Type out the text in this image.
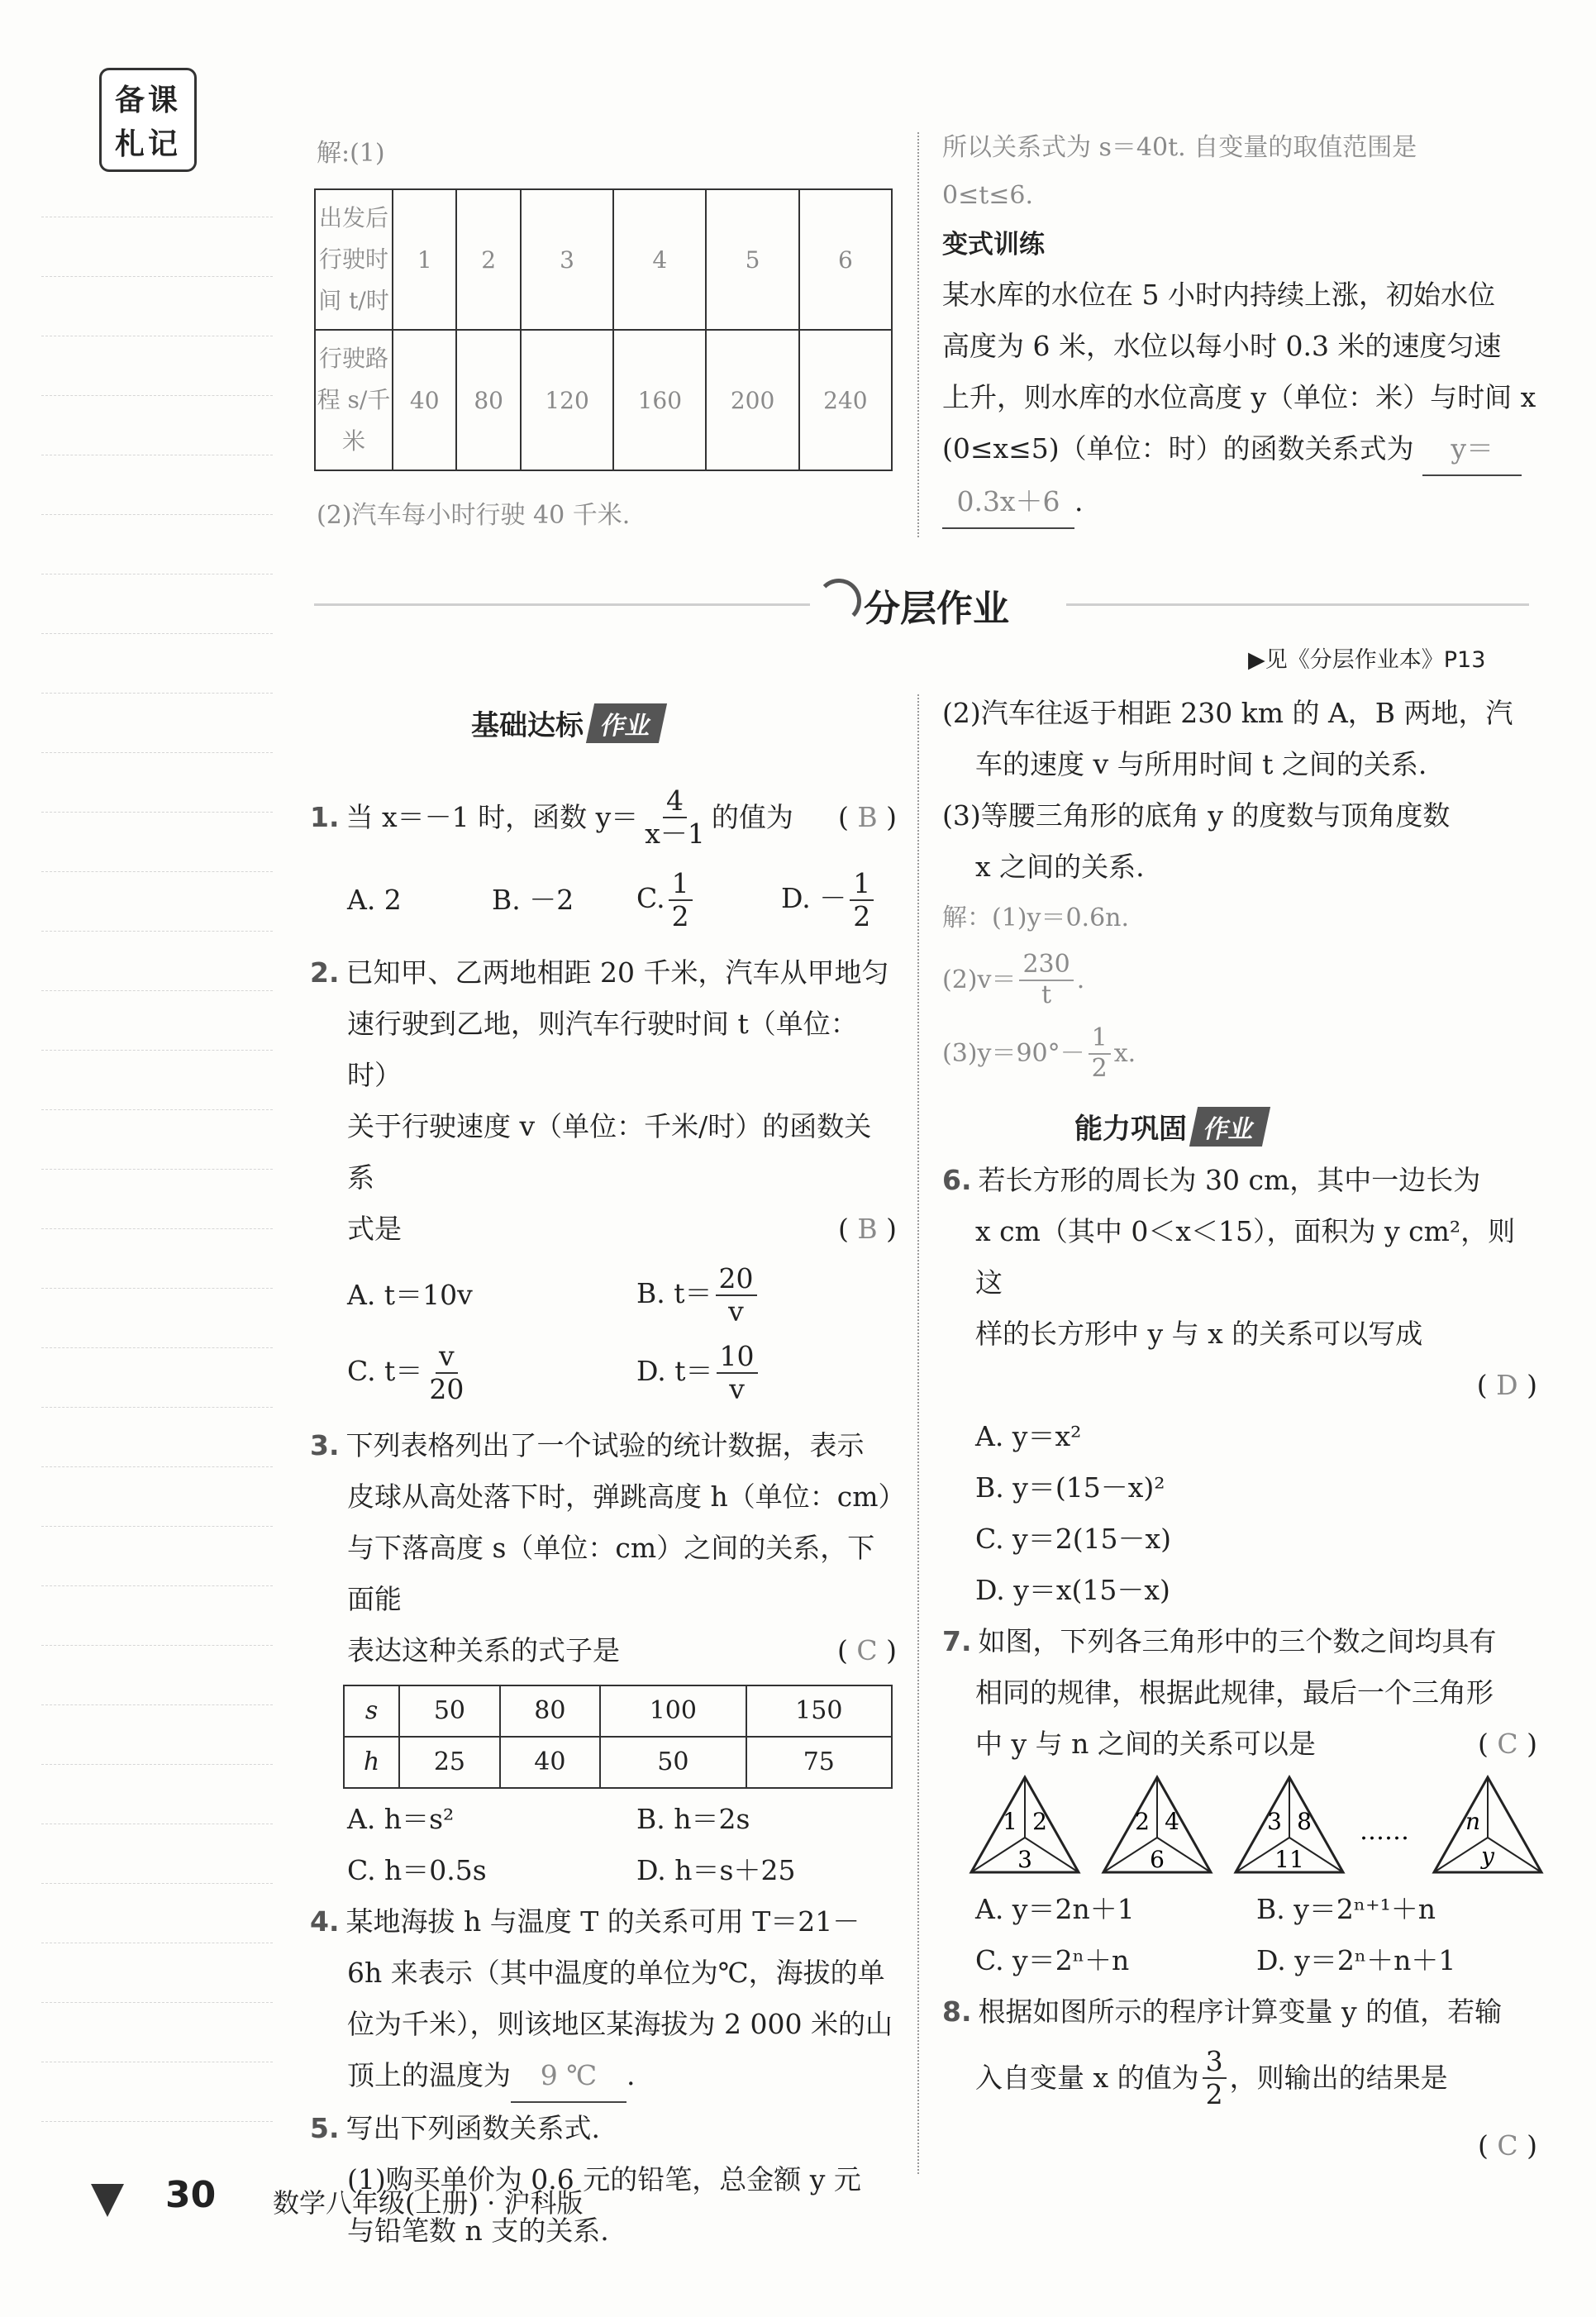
备课
札记	解:(1)
出发后
行驶时
间 t/时	1	2	3	4	5	6

行驶路
程 s/千
米	40	80	120	160	200	240
(2)汽车每小时行驶 40 千米.
所以关系式为 s＝40t. 自变量的取值范围是
0≤t≤6.
变式训练
某水库的水位在 5 小时内持续上涨，初始水位
高度为 6 米，水位以每小时 0.3 米的速度匀速
上升，则水库的水位高度 y（单位：米）与时间 x
(0≤x≤5)（单位：时）的函数关系式为 y＝
0.3x＋6 .
分层作业
▶见《分层作业本》P13
基础达标 作业
1. 当 x＝－1 时，函数 $y= \frac{4}{x-1}$ 的值为 ( B )
A. 2	B. －2	C. $\frac{1}{2}$	D. － $\frac{1}{2}$
2. 已知甲、乙两地相距 20 千米，汽车从甲地匀
速行驶到乙地，则汽车行驶时间 t（单位：时）
关于行驶速度 v（单位：千米/时）的函数关系
式是	( B )
A. t＝10v	B. $t= \frac{20}{v}$
C. $t= \frac{v}{20}$	D. $t= \frac{10}{v}$
3. 下列表格列出了一个试验的统计数据，表示
皮球从高处落下时，弹跳高度 h（单位：cm）
与下落高度 s（单位：cm）之间的关系，下面能
表达这种关系的式子是	( C )
s	50	80	100	150
h	25	40	50	75
A. h＝s²	B. h＝2s
C. h＝0.5s	D. h＝s＋25
4. 某地海拔 h 与温度 T 的关系可用 T＝21－
6h 来表示（其中温度的单位为℃，海拔的单
位为千米），则该地区某海拔为 2 000 米的山
顶上的温度为 9 ℃ .
5. 写出下列函数关系式.
(1)购买单价为 0.6 元的铅笔，总金额 y 元
与铅笔数 n 支的关系.
(2)汽车往返于相距 230 km 的 A，B 两地，汽
车的速度 v 与所用时间 t 之间的关系.
(3)等腰三角形的底角 y 的度数与顶角度数
x 之间的关系.
解：(1)y＝0.6n.
$(2)v= \frac{230}{t}$ .
$(3)y=90^\circ- \frac{1}{2} x$.
能力巩固 作业
6. 若长方形的周长为 30 cm，其中一边长为
x cm（其中 0＜x＜15），面积为 y cm²，则这
样的长方形中 y 与 x 的关系可以写成
( D )
A. y＝x²
B. y＝(15－x)²
C. y＝2(15－x)
D. y＝x(15－x)
7. 如图，下列各三角形中的三个数之间均具有
相同的规律，根据此规律，最后一个三角形
中 y 与 n 之间的关系可以是	( C )
1 2
3
2 4
6
3 8
11
…… n
y
A. y＝2n＋1	B. y＝2ⁿ⁺¹＋n
C. y＝2ⁿ＋n	D. y＝2ⁿ＋n＋1
8. 根据如图所示的程序计算变量 y 的值，若输
入自变量 x 的值为 $\frac{3}{2}$ ，则输出的结果是
( C )
30 数学八年级(上册) · 沪科版
